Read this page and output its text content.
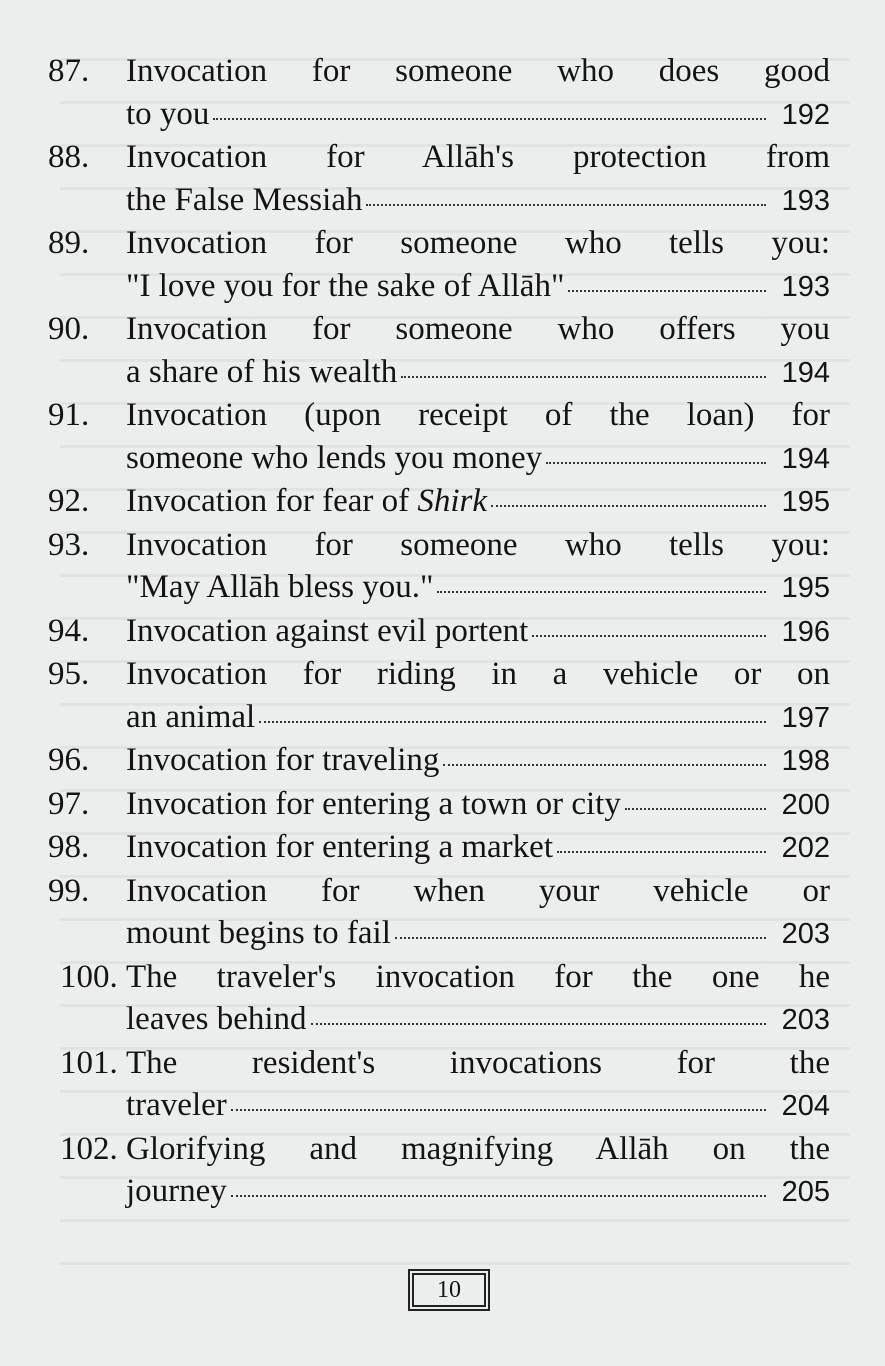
87.	Invocation for someone who does good
to you	192
88.	Invocation for Allāh's protection from
the False Messiah	193
89.	Invocation for someone who tells you:
"I love you for the sake of Allāh"	193
90.	Invocation for someone who offers you
a share of his wealth	194
91.	Invocation (upon receipt of the loan) for
someone who lends you money	194
92.	Invocation for fear of Shirk	195
93.	Invocation for someone who tells you:
"May Allāh bless you."	195
94.	Invocation against evil portent	196
95.	Invocation for riding in a vehicle or on
an animal	197
96.	Invocation for traveling	198
97.	Invocation for entering a town or city	200
98.	Invocation for entering a market	202
99.	Invocation for when your vehicle or
mount begins to fail	203
100. The traveler's invocation for the one he
leaves behind	203
101. The resident's invocations for the
traveler	204
102. Glorifying and magnifying Allāh on the
journey	205
10
